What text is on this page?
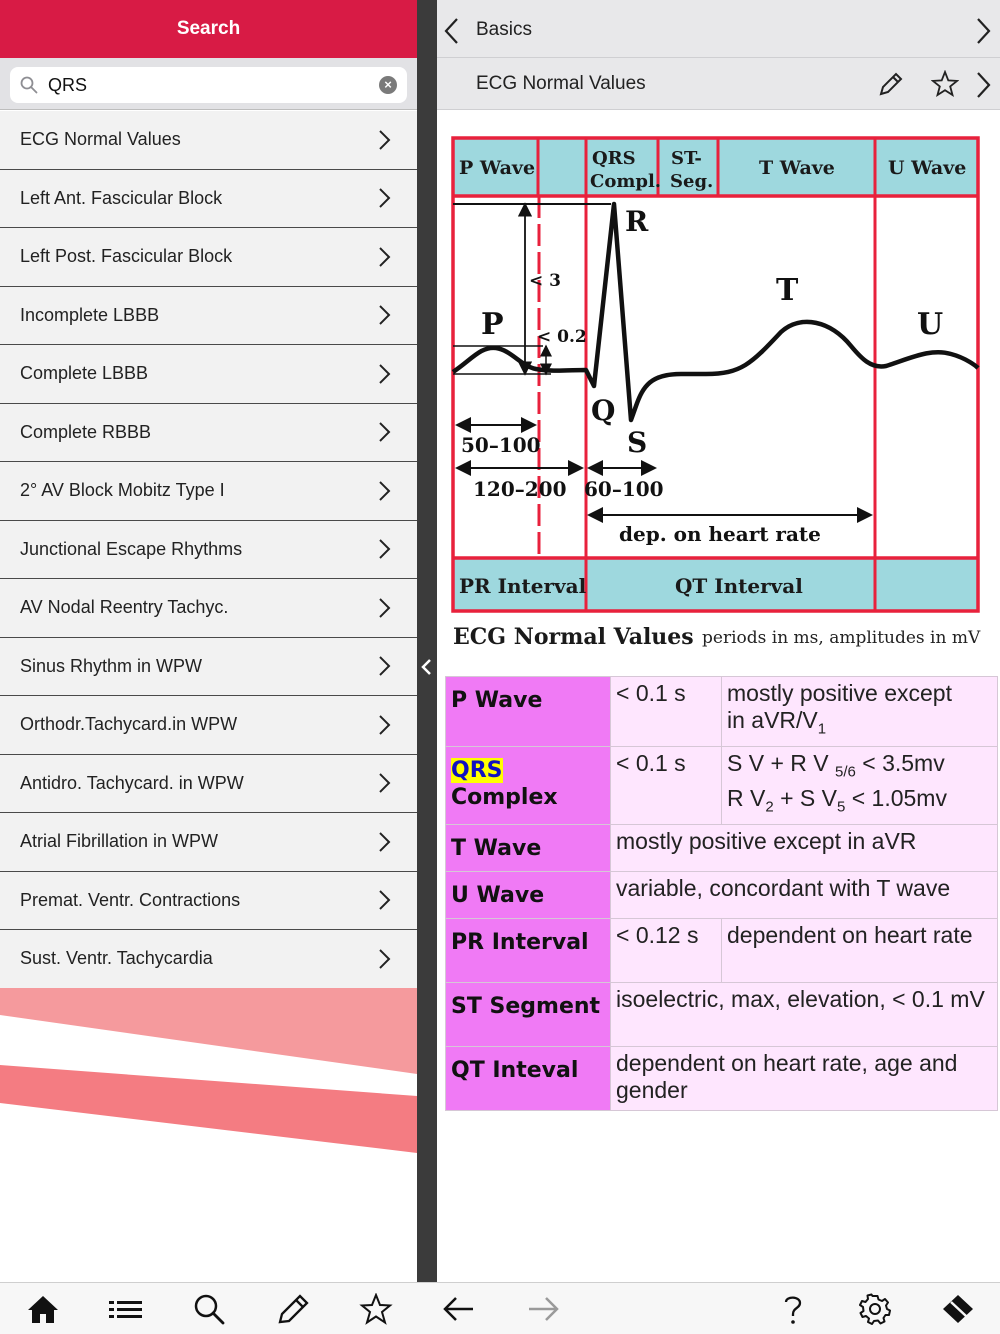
Search
QRS
×
ECG Normal Values
Left Ant. Fascicular Block
Left Post. Fascicular Block
Incomplete LBBB
Complete LBBB
Complete RBBB
2° AV Block Mobitz Type I
Junctional Escape Rhythms
AV Nodal Reentry Tachyc.
Sinus Rhythm in WPW
Orthodr.Tachycard.in WPW
Antidro. Tachycard. in WPW
Atrial Fibrillation in WPW
Premat. Ventr. Contractions
Sust. Ventr. Tachycardia
Basics
ECG Normal Values
P Wave	QRS
Compl.
ST-
Seg.
T Wave	U Wave
< 3
< 0.2
P
R
Q
S
T
U
50–100
120–200 60–100
dep. on heart rate
PR Interval	QT Interval
ECG Normal Values periods in ms, amplitudes in mV
P Wave	< 0.1 s	mostly positive except
in aVR/$V_1$
QRS
Complex	< 0.1 s	S V + R V $_{5/6}$ < 3.5mv
R $V_2 + S$ $V_5 < 1.05mv$
T Wave	mostly positive except in aVR	
U Wave	variable, concordant with T wave	
PR Interval	< 0.12 s	dependent on heart rate
ST Segment	isoelectric, max, elevation, < 0.1 mV	
QT Inteval	dependent on heart rate, age and gender	
